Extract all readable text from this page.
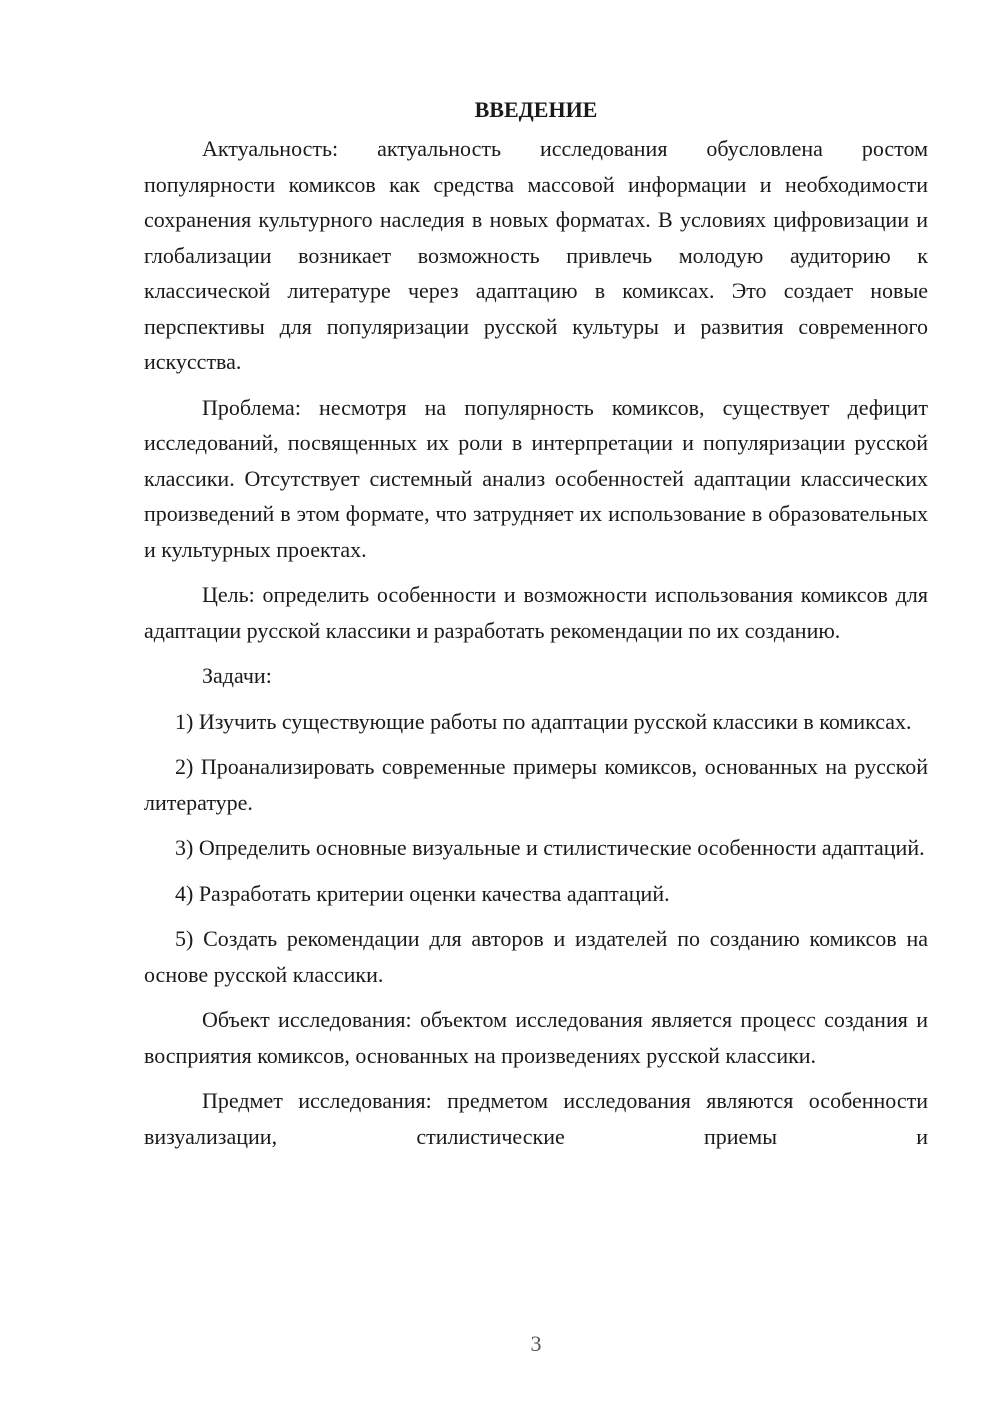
ВВЕДЕНИЕ

Актуальность: актуальность исследования обусловлена ростом популярности комиксов как средства массовой информации и необходимости сохранения культурного наследия в новых форматах. В условиях цифровизации и глобализации возникает возможность привлечь молодую аудиторию к классической литературе через адаптацию в комиксах. Это создает новые перспективы для популяризации русской культуры и развития современного искусства.

Проблема: несмотря на популярность комиксов, существует дефицит исследований, посвященных их роли в интерпретации и популяризации русской классики. Отсутствует системный анализ особенностей адаптации классических произведений в этом формате, что затрудняет их использование в образовательных и культурных проектах.

Цель: определить особенности и возможности использования комиксов для адаптации русской классики и разработать рекомендации по их созданию.

Задачи:

1) Изучить существующие работы по адаптации русской классики в комиксах.

2) Проанализировать современные примеры комиксов, основанных на русской литературе.

3) Определить основные визуальные и стилистические особенности адаптаций.

4) Разработать критерии оценки качества адаптаций.

5) Создать рекомендации для авторов и издателей по созданию комиксов на основе русской классики.

Объект исследования: объектом исследования является процесс создания и восприятия комиксов, основанных на произведениях русской классики.

Предмет исследования: предметом исследования являются особенности визуализации, стилистические приемы и

3
